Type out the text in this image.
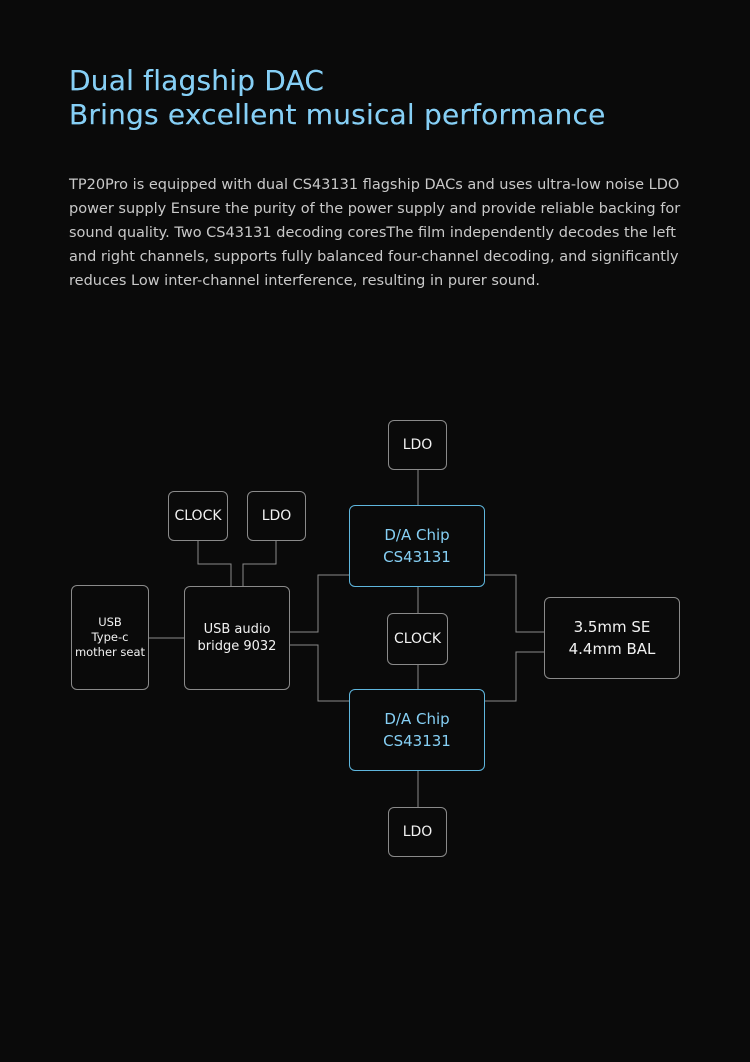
Dual flagship DAC
Brings excellent musical performance

TP20Pro is equipped with dual CS43131 flagship DACs and uses ultra-low noise LDO power supply Ensure the purity of the power supply and provide reliable backing for sound quality. Two CS43131 decoding coresThe film independently decodes the left and right channels, supports fully balanced four-channel decoding, and significantly reduces Low inter-channel interference, resulting in purer sound.

LDO
CLOCK	LDO
D/A Chip
CS43131
USB
Type-c
mother seat
USB audio
bridge 9032	CLOCK
3.5mm SE
4.4mm BAL
D/A Chip
CS43131
LDO
